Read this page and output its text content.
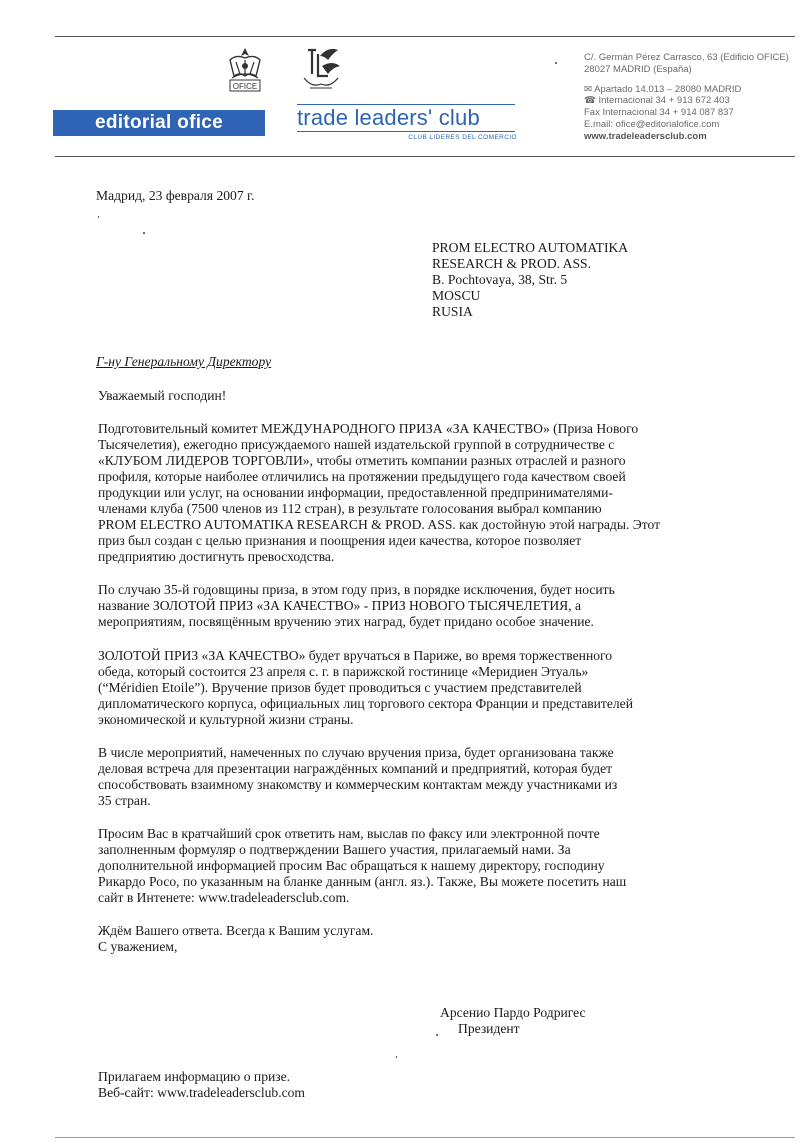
OFICE
editorial ofice	trade leaders' club
CLUB LIDERES DEL COMERCIO
C/. Germán Pérez Carrasco, 63 (Edificio OFICE)
28027 MADRID (España)
✉ Apartado 14.013 – 28080 MADRID
☎ Internacional 34 + 913 672 403
Fax Internacional 34 + 914 087 837
E.mail: ofice@editorialofice.com
www.tradeleadersclub.com
Мадрид, 23 февраля 2007 г.
PROM ELECTRO AUTOMATIKA
RESEARCH & PROD. ASS.
B. Pochtovaya, 38, Str. 5
MOSCU
RUSIA
Г-ну Генеральному Директору
Уважаемый господин!
Подготовительный комитет МЕЖДУНАРОДНОГО ПРИЗА «ЗА КАЧЕСТВО» (Приза Нового
Тысячелетия), ежегодно присуждаемого нашей издательской группой в сотрудничестве с
«КЛУБОМ ЛИДЕРОВ ТОРГОВЛИ», чтобы отметить компании разных отраслей и разного
профиля, которые наиболее отличились на протяжении предыдущего года качеством своей
продукции или услуг, на основании информации, предоставленной предпринимателями-
членами клуба (7500 членов из 112 стран), в результате голосования выбрал компанию
PROM ELECTRO AUTOMATIKA RESEARCH & PROD. ASS. как достойную этой награды. Этот
приз был создан с целью признания и поощрения идеи качества, которое позволяет
предприятию достигнуть превосходства.
По случаю 35-й годовщины приза, в этом году приз, в порядке исключения, будет носить
название ЗОЛОТОЙ ПРИЗ «ЗА КАЧЕСТВО» - ПРИЗ НОВОГО ТЫСЯЧЕЛЕТИЯ, а
мероприятиям, посвящённым вручению этих наград, будет придано особое значение.
ЗОЛОТОЙ ПРИЗ «ЗА КАЧЕСТВО» будет вручаться в Париже, во время торжественного
обеда, который состоится 23 апреля с. г. в парижской гостинице «Меридиен Этуаль»
(“Méridien Etoile”). Вручение призов будет проводиться с участием представителей
дипломатического корпуса, официальных лиц торгового сектора Франции и представителей
экономической и культурной жизни страны.
В числе мероприятий, намеченных по случаю вручения приза, будет организована также
деловая встреча для презентации награждённых компаний и предприятий, которая будет
способствовать взаимному знакомству и коммерческим контактам между участниками из
35 стран.
Просим Вас в кратчайший срок ответить нам, выслав по факсу или электронной почте
заполненным формуляр о подтверждении Вашего участия, прилагаемый нами. За
дополнительной информацией просим Вас обращаться к нашему директору, господину
Рикардо Росо, по указанным на бланке данным (англ. яз.). Также, Вы можете посетить наш
сайт в Интенете: www.tradeleadersclub.com.
Ждём Вашего ответа. Всегда к Вашим услугам.
С уважением,
Арсенио Пардо Родригес
Президент
Прилагаем информацию о призе.
Веб-сайт: www.tradeleadersclub.com
